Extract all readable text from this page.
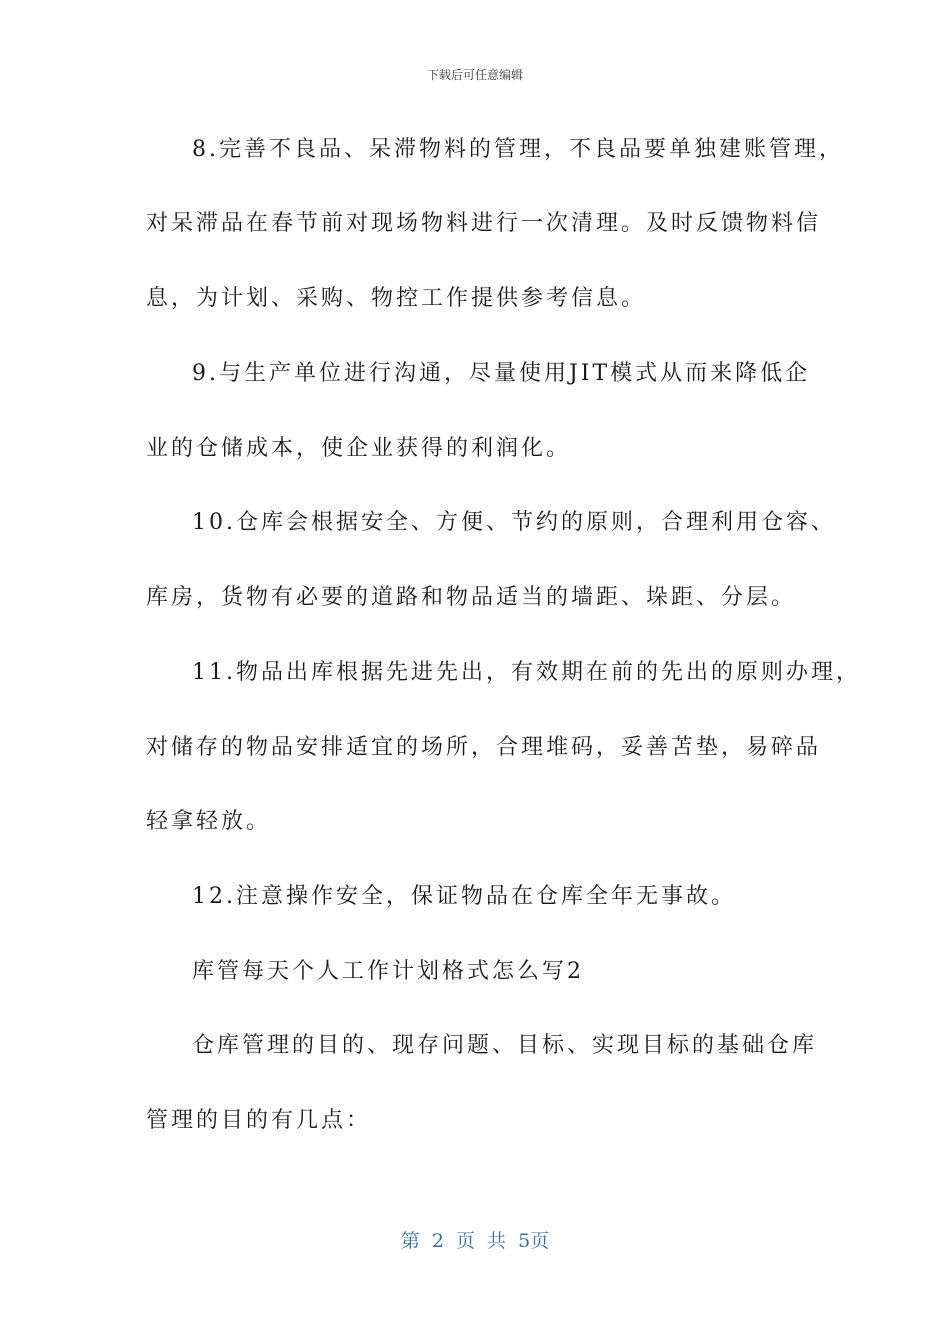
下载后可任意编辑
8.完善不良品、呆滞物料的管理，不良品要单独建账管理，
对呆滞品在春节前对现场物料进行一次清理。及时反馈物料信
息，为计划、采购、物控工作提供参考信息。
9.与生产单位进行沟通，尽量使用JIT模式从而来降低企
业的仓储成本，使企业获得的利润化。
10.仓库会根据安全、方便、节约的原则，合理利用仓容、
库房，货物有必要的道路和物品适当的墙距、垛距、分层。
11.物品出库根据先进先出，有效期在前的先出的原则办理，
对储存的物品安排适宜的场所，合理堆码，妥善苫垫，易碎品
轻拿轻放。
12.注意操作安全，保证物品在仓库全年无事故。
库管每天个人工作计划格式怎么写2
仓库管理的目的、现存问题、目标、实现目标的基础仓库
管理的目的有几点：
第 2 页 共 5页
